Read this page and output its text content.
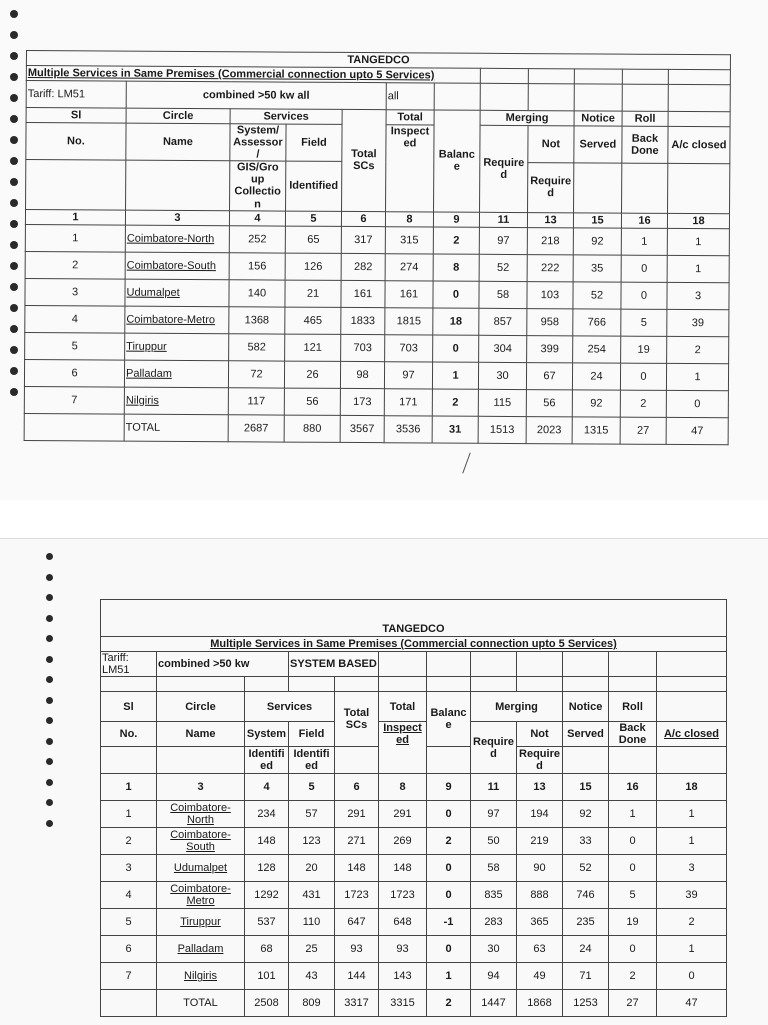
TANGEDCO											
Multiple Services in Same Premises (Commercial connection upto 5 Services)											
Tariff: LM51	combined >50 kw all				all						
Sl	Circle	Services		Total SCs	Total	Balanc e	Merging		Notice	Roll	
No.	Name	System/ Assessor /	Field		Inspect ed		Require d	Not	Served	Back Done	A/c closed
		GIS/Gro up Collectio n	Identified					Require d			
1	3	4	5	6	8	9	11	13	15	16	18
1	Coimbatore-North	252	65	317	315	2	97	218	92	1	1
2	Coimbatore-South	156	126	282	274	8	52	222	35	0	1
3	Udumalpet	140	21	161	161	0	58	103	52	0	3
4	Coimbatore-Metro	1368	465	1833	1815	18	857	958	766	5	39
5	Tiruppur	582	121	703	703	0	304	399	254	19	2
6	Palladam	72	26	98	97	1	30	67	24	0	1
7	Nilgiris	117	56	173	171	2	115	56	92	2	0
	TOTAL	2687	880	3567	3536	31	1513	2023	1315	27	47

TANGEDCO											
Multiple Services in Same Premises (Commercial connection upto 5 Services)											
Tariff: LM51	combined >50 kw		SYSTEM BASED								

Sl	Circle	Services		Total SCs	Total	Balanc e	Merging		Notice	Roll	
No.	Name	System	Field		Inspect ed		Require d	Not	Served	Back Done	A/c closed
		Identifi ed	Identifi ed					Require d			
1	3	4	5	6	8	9	11	13	15	16	18
1	Coimbatore-North	234	57	291	291	0	97	194	92	1	1
2	Coimbatore-South	148	123	271	269	2	50	219	33	0	1
3	Udumalpet	128	20	148	148	0	58	90	52	0	3
4	Coimbatore-Metro	1292	431	1723	1723	0	835	888	746	5	39
5	Tiruppur	537	110	647	648	-1	283	365	235	19	2
6	Palladam	68	25	93	93	0	30	63	24	0	1
7	Nilgiris	101	43	144	143	1	94	49	71	2	0
	TOTAL	2508	809	3317	3315	2	1447	1868	1253	27	47
